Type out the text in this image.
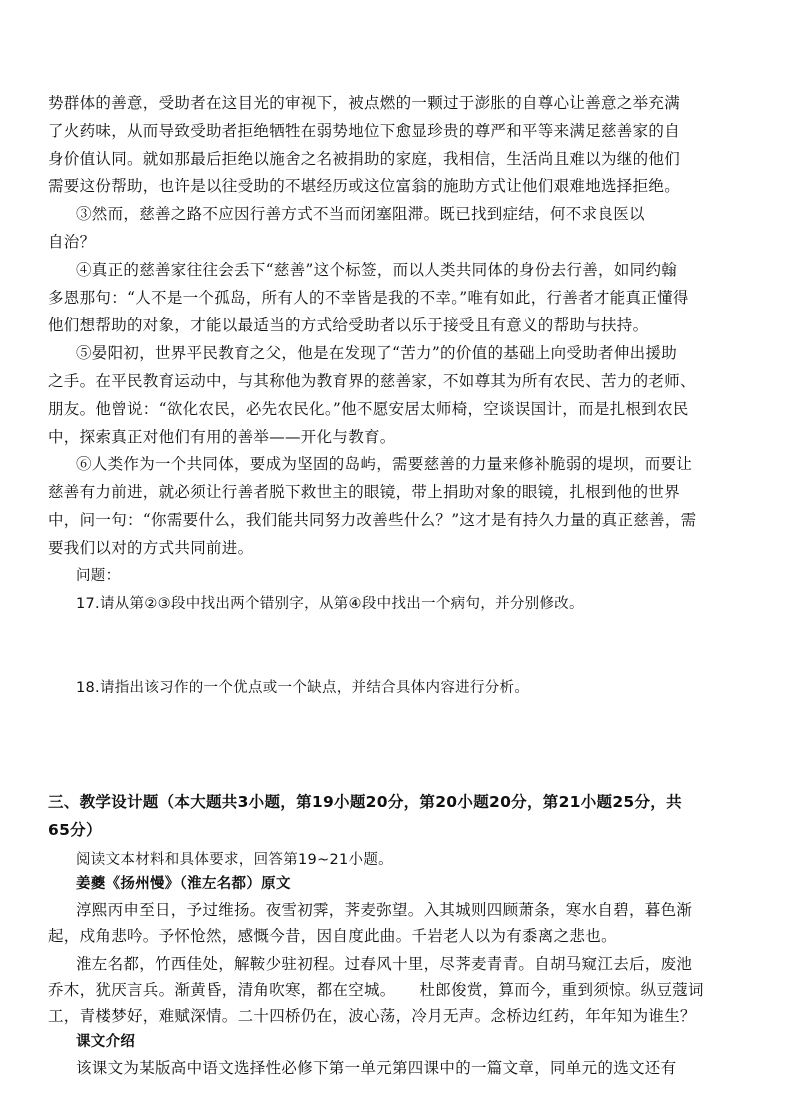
势群体的善意，受助者在这目光的审视下，被点燃的一颗过于澎胀的自尊心让善意之举充满
了火药味，从而导致受助者拒绝牺牲在弱势地位下愈显珍贵的尊严和平等来满足慈善家的自
身价值认同。就如那最后拒绝以施舍之名被捐助的家庭，我相信，生活尚且难以为继的他们
需要这份帮助，也许是以往受助的不堪经历或这位富翁的施助方式让他们艰难地选择拒绝。
③然而，慈善之路不应因行善方式不当而闭塞阻滞。既已找到症结，何不求良医以
自治？
④真正的慈善家往往会丢下“慈善”这个标签，而以人类共同体的身份去行善，如同约翰
多恩那句：“人不是一个孤岛，所有人的不幸皆是我的不幸。”唯有如此，行善者才能真正懂得
他们想帮助的对象，才能以最适当的方式给受助者以乐于接受且有意义的帮助与扶持。
⑤晏阳初，世界平民教育之父，他是在发现了“苦力”的价值的基础上向受助者伸出援助
之手。在平民教育运动中，与其称他为教育界的慈善家，不如尊其为所有农民、苦力的老师、
朋友。他曾说：“欲化农民，必先农民化。”他不愿安居太师椅，空谈误国计，而是扎根到农民
中，探索真正对他们有用的善举——开化与教育。
⑥人类作为一个共同体，要成为坚固的岛屿，需要慈善的力量来修补脆弱的堤坝，而要让
慈善有力前进，就必须让行善者脱下救世主的眼镜，带上捐助对象的眼镜，扎根到他的世界
中，问一句：“你需要什么，我们能共同努力改善些什么？”这才是有持久力量的真正慈善，需
要我们以对的方式共同前进。
问题：
17.请从第②③段中找出两个错别字，从第④段中找出一个病句，并分别修改。
18.请指出该习作的一个优点或一个缺点，并结合具体内容进行分析。
三、教学设计题（本大题共3小题，第19小题20分，第20小题20分，第21小题25分，共
65分）
阅读文本材料和具体要求，回答第19~21小题。
姜夔《扬州慢》（淮左名都）原文
淳熙丙申至日，予过维扬。夜雪初霁，荠麦弥望。入其城则四顾萧条，寒水自碧，暮色渐
起，戍角悲吟。予怀怆然，感慨今昔，因自度此曲。千岩老人以为有黍离之悲也。
淮左名都，竹西佳处，解鞍少驻初程。过春风十里，尽荠麦青青。自胡马窥江去后，废池
乔木，犹厌言兵。渐黄昏，清角吹寒，都在空城。　　杜郎俊赏，算而今，重到须惊。纵豆蔻词
工，青楼梦好，难赋深情。二十四桥仍在，波心荡，冷月无声。念桥边红药，年年知为谁生？
课文介绍
该课文为某版高中语文选择性必修下第一单元第四课中的一篇文章，同单元的选文还有
